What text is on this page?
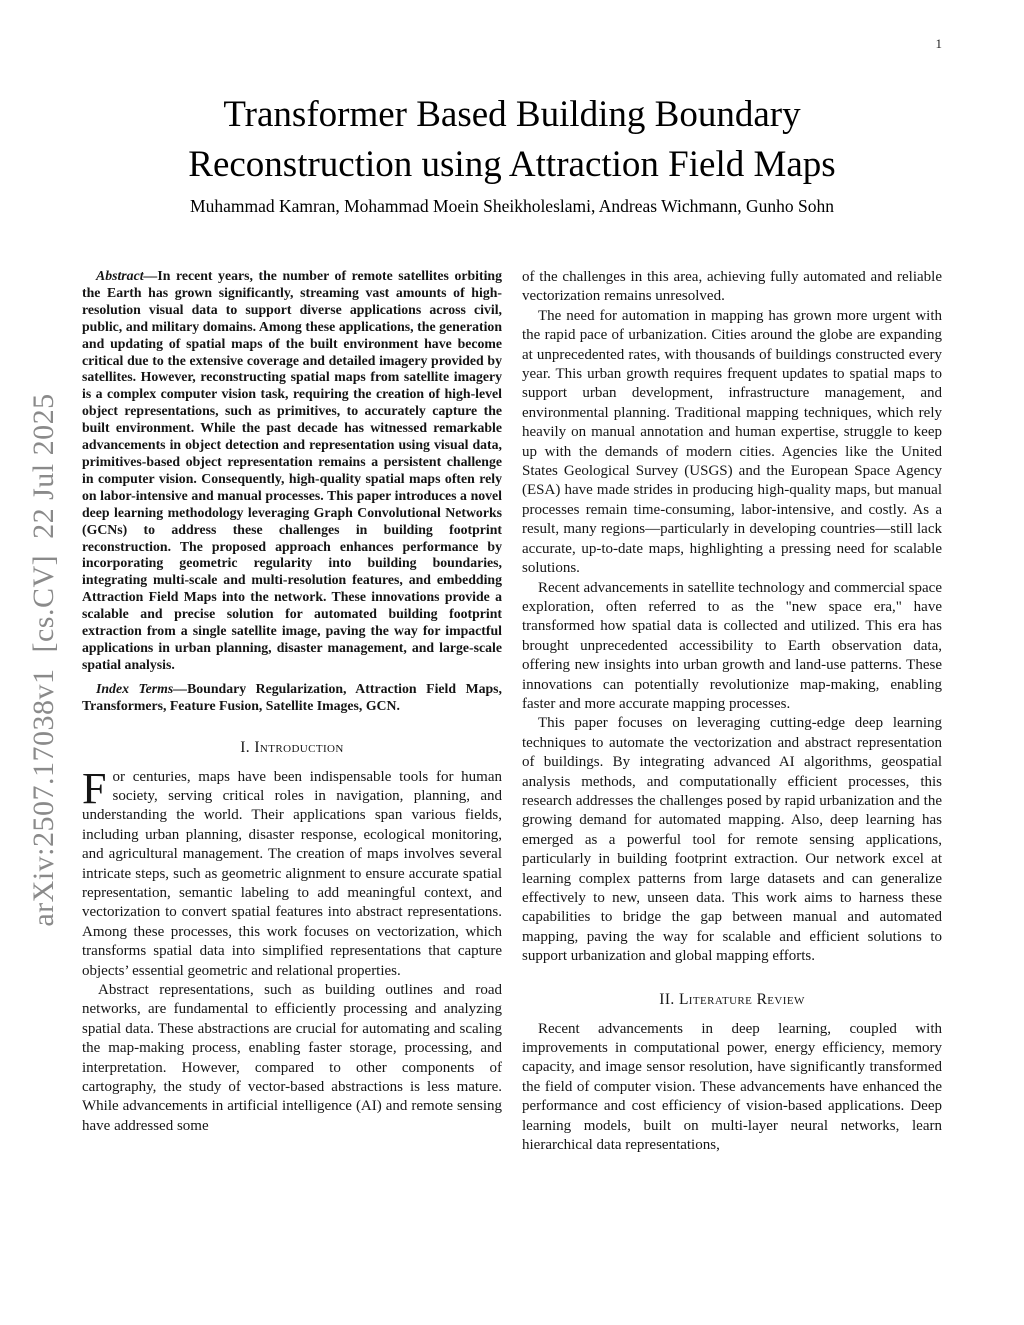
1
arXiv:2507.17038v1  [cs.CV]  22 Jul 2025
Transformer Based Building Boundary Reconstruction using Attraction Field Maps
Muhammad Kamran, Mohammad Moein Sheikholeslami, Andreas Wichmann, Gunho Sohn

Abstract—In recent years, the number of remote satellites orbiting the Earth has grown significantly, streaming vast amounts of high-resolution visual data to support diverse applications across civil, public, and military domains. Among these applications, the generation and updating of spatial maps of the built environment have become critical due to the extensive coverage and detailed imagery provided by satellites. However, reconstructing spatial maps from satellite imagery is a complex computer vision task, requiring the creation of high-level object representations, such as primitives, to accurately capture the built environment. While the past decade has witnessed remarkable advancements in object detection and representation using visual data, primitives-based object representation remains a persistent challenge in computer vision. Consequently, high-quality spatial maps often rely on labor-intensive and manual processes. This paper introduces a novel deep learning methodology leveraging Graph Convolutional Networks (GCNs) to address these challenges in building footprint reconstruction. The proposed approach enhances performance by incorporating geometric regularity into building boundaries, integrating multi-scale and multi-resolution features, and embedding Attraction Field Maps into the network. These innovations provide a scalable and precise solution for automated building footprint extraction from a single satellite image, paving the way for impactful applications in urban planning, disaster management, and large-scale spatial analysis.

Index Terms—Boundary Regularization, Attraction Field Maps, Transformers, Feature Fusion, Satellite Images, GCN.

I. Introduction

For centuries, maps have been indispensable tools for human society, serving critical roles in navigation, planning, and understanding the world. Their applications span various fields, including urban planning, disaster response, ecological monitoring, and agricultural management. The creation of maps involves several intricate steps, such as geometric alignment to ensure accurate spatial representation, semantic labeling to add meaningful context, and vectorization to convert spatial features into abstract representations. Among these processes, this work focuses on vectorization, which transforms spatial data into simplified representations that capture objects’ essential geometric and relational properties.

Abstract representations, such as building outlines and road networks, are fundamental to efficiently processing and analyzing spatial data. These abstractions are crucial for automating and scaling the map-making process, enabling faster storage, processing, and interpretation. However, compared to other components of cartography, the study of vector-based abstractions is less mature. While advancements in artificial intelligence (AI) and remote sensing have addressed some

of the challenges in this area, achieving fully automated and reliable vectorization remains unresolved.

The need for automation in mapping has grown more urgent with the rapid pace of urbanization. Cities around the globe are expanding at unprecedented rates, with thousands of buildings constructed every year. This urban growth requires frequent updates to spatial maps to support urban development, infrastructure management, and environmental planning. Traditional mapping techniques, which rely heavily on manual annotation and human expertise, struggle to keep up with the demands of modern cities. Agencies like the United States Geological Survey (USGS) and the European Space Agency (ESA) have made strides in producing high-quality maps, but manual processes remain time-consuming, labor-intensive, and costly. As a result, many regions—particularly in developing countries—still lack accurate, up-to-date maps, highlighting a pressing need for scalable solutions.

Recent advancements in satellite technology and commercial space exploration, often referred to as the "new space era," have transformed how spatial data is collected and utilized. This era has brought unprecedented accessibility to Earth observation data, offering new insights into urban growth and land-use patterns. These innovations can potentially revolutionize map-making, enabling faster and more accurate mapping processes.

This paper focuses on leveraging cutting-edge deep learning techniques to automate the vectorization and abstract representation of buildings. By integrating advanced AI algorithms, geospatial analysis methods, and computationally efficient processes, this research addresses the challenges posed by rapid urbanization and the growing demand for automated mapping. Also, deep learning has emerged as a powerful tool for remote sensing applications, particularly in building footprint extraction. Our network excel at learning complex patterns from large datasets and can generalize effectively to new, unseen data. This work aims to harness these capabilities to bridge the gap between manual and automated mapping, paving the way for scalable and efficient solutions to support urbanization and global mapping efforts.

II. Literature Review

Recent advancements in deep learning, coupled with improvements in computational power, energy efficiency, memory capacity, and image sensor resolution, have significantly transformed the field of computer vision. These advancements have enhanced the performance and cost efficiency of vision-based applications. Deep learning models, built on multi-layer neural networks, learn hierarchical data representations,
